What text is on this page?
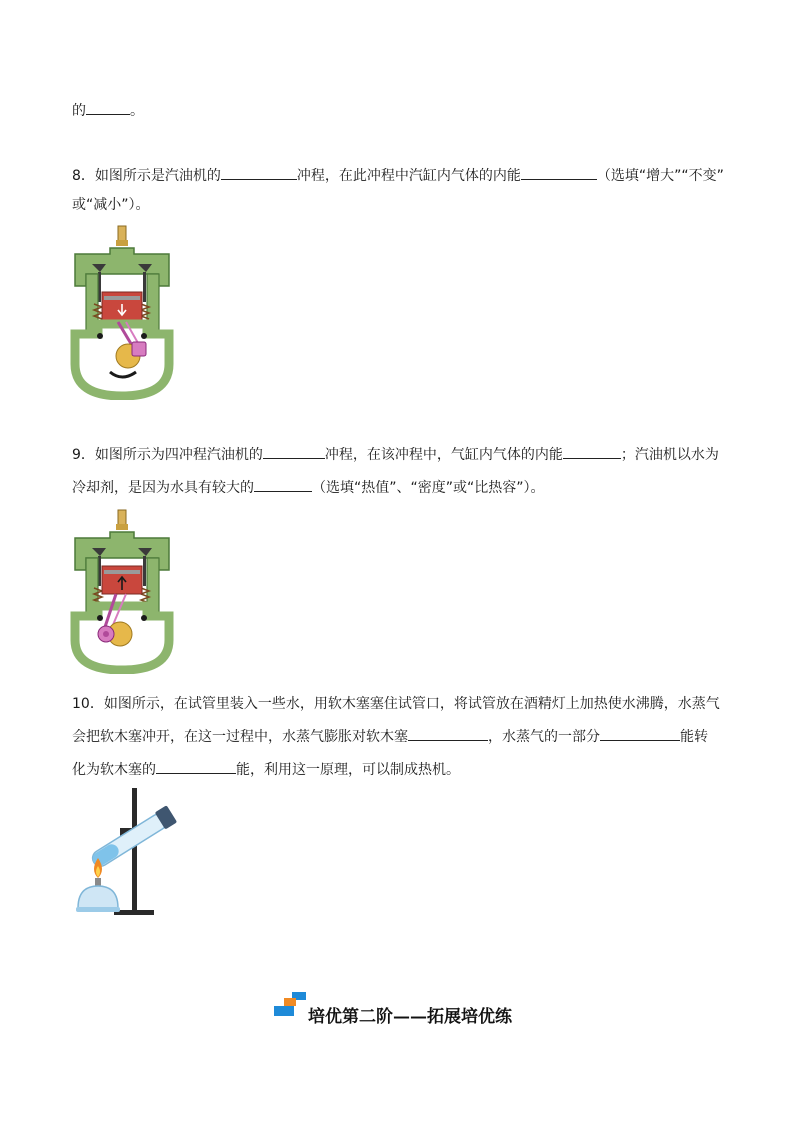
的	。
8．如图所示是汽油机的	冲程，在此冲程中汽缸内气体的内能	（选填“增大”“不变”
或“减小”）。
9．如图所示为四冲程汽油机的	冲程，在该冲程中，气缸内气体的内能	；汽油机以水为
冷却剂，是因为水具有较大的	（选填“热值”、“密度”或“比热容”）。
10．如图所示，在试管里装入一些水，用软木塞塞住试管口，将试管放在酒精灯上加热使水沸腾，水蒸气
会把软木塞冲开，在这一过程中，水蒸气膨胀对软木塞	，水蒸气的一部分	能转
化为软木塞的	能，利用这一原理，可以制成热机。
培优第二阶——拓展培优练
